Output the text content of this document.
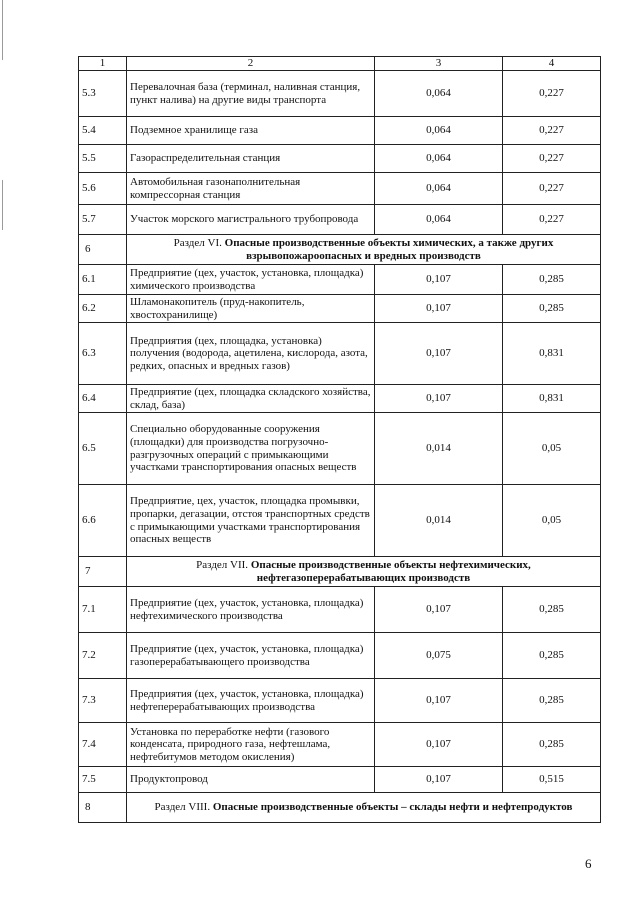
1	2	3	4
5.3	Перевалочная база (терминал, наливная станция, пункт налива) на другие виды транспорта	0,064	0,227
5.4	Подземное хранилище газа	0,064	0,227
5.5	Газораспределительная станция	0,064	0,227
5.6	Автомобильная газонаполнительная компрессорная станция	0,064	0,227
5.7	Участок морского магистрального трубопровода	0,064	0,227
6	Раздел VI. Опасные производственные объекты химических, а также других взрывопожароопасных и вредных производств		
6.1	Предприятие (цех, участок, установка, площадка) химического производства	0,107	0,285
6.2	Шламонакопитель (пруд-накопитель, хвостохранилище)	0,107	0,285
6.3	Предприятия (цех, площадка, установка) получения (водорода, ацетилена, кислорода, азота, редких, опасных и вредных газов)	0,107	0,831
6.4	Предприятие (цех, площадка складского хозяйства, склад, база)	0,107	0,831
6.5	Специально оборудованные сооружения (площадки) для производства погрузочно-разгрузочных операций с примыкающими участками транспортирования опасных веществ	0,014	0,05
6.6	Предприятие, цех, участок, площадка промывки, пропарки, дегазации, отстоя транспортных средств с примыкающими участками транспортирования опасных веществ	0,014	0,05
7	Раздел VII. Опасные производственные объекты нефтехимических, нефтегазоперерабатывающих производств		
7.1	Предприятие (цех, участок, установка, площадка) нефтехимического производства	0,107	0,285
7.2	Предприятие (цех, участок, установка, площадка) газоперерабатывающего производства	0,075	0,285
7.3	Предприятия (цех, участок, установка, площадка) нефтеперерабатывающих производства	0,107	0,285
7.4	Установка по переработке нефти (газового конденсата, природного газа, нефтешлама, нефтебитумов методом окисления)	0,107	0,285
7.5	Продуктопровод	0,107	0,515
8	Раздел VIII. Опасные производственные объекты – склады нефти и нефтепродуктов		
6
